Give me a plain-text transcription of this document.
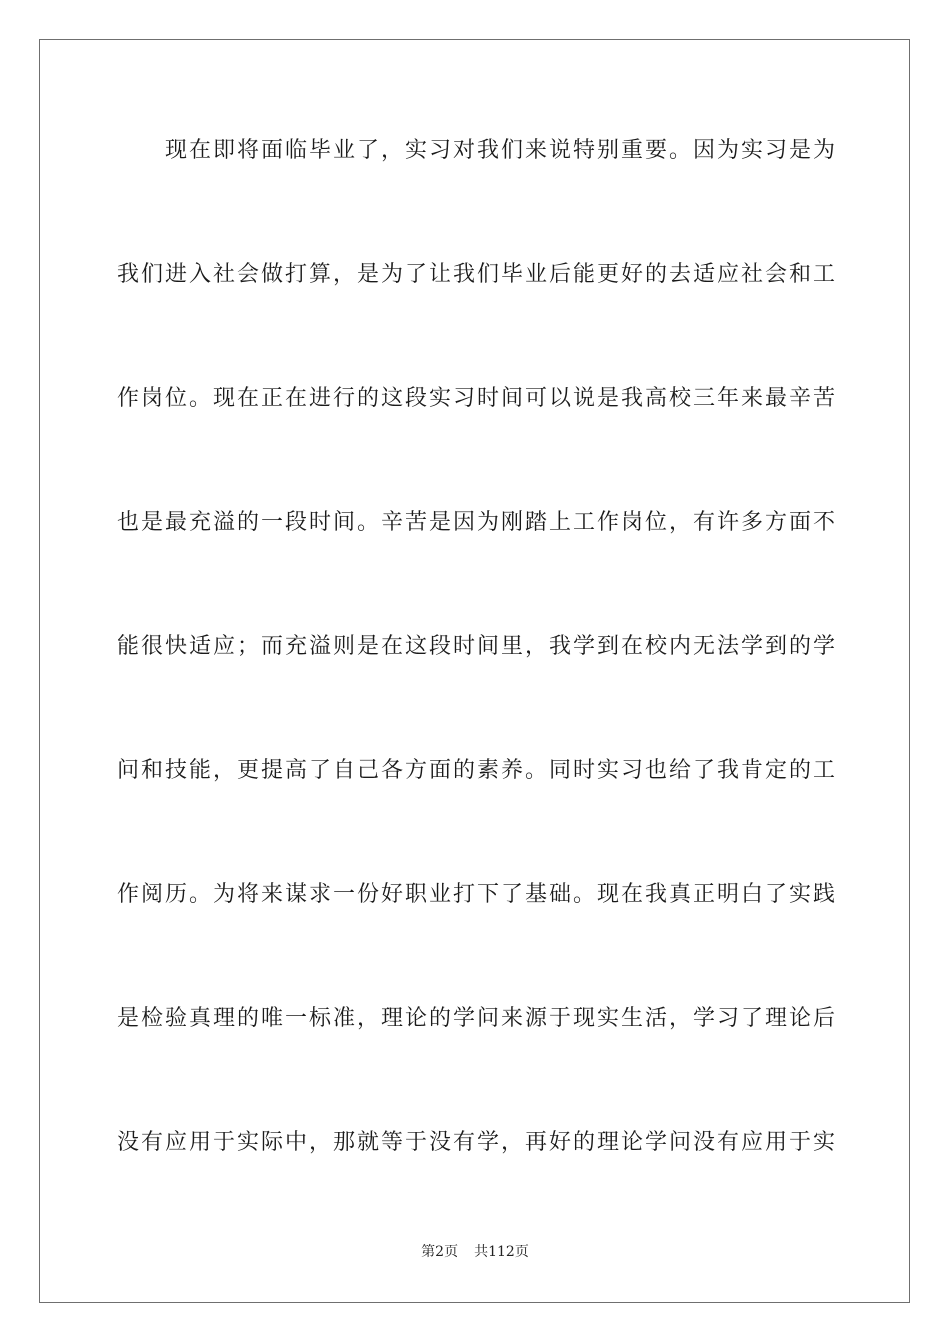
现在即将面临毕业了，实习对我们来说特别重要。因为实习是为
我们进入社会做打算，是为了让我们毕业后能更好的去适应社会和工
作岗位。现在正在进行的这段实习时间可以说是我高校三年来最辛苦
也是最充溢的一段时间。辛苦是因为刚踏上工作岗位，有许多方面不
能很快适应；而充溢则是在这段时间里，我学到在校内无法学到的学
问和技能，更提高了自己各方面的素养。同时实习也给了我肯定的工
作阅历。为将来谋求一份好职业打下了基础。现在我真正明白了实践
是检验真理的唯一标准，理论的学问来源于现实生活，学习了理论后
没有应用于实际中，那就等于没有学，再好的理论学问没有应用于实
第2页 共112页
